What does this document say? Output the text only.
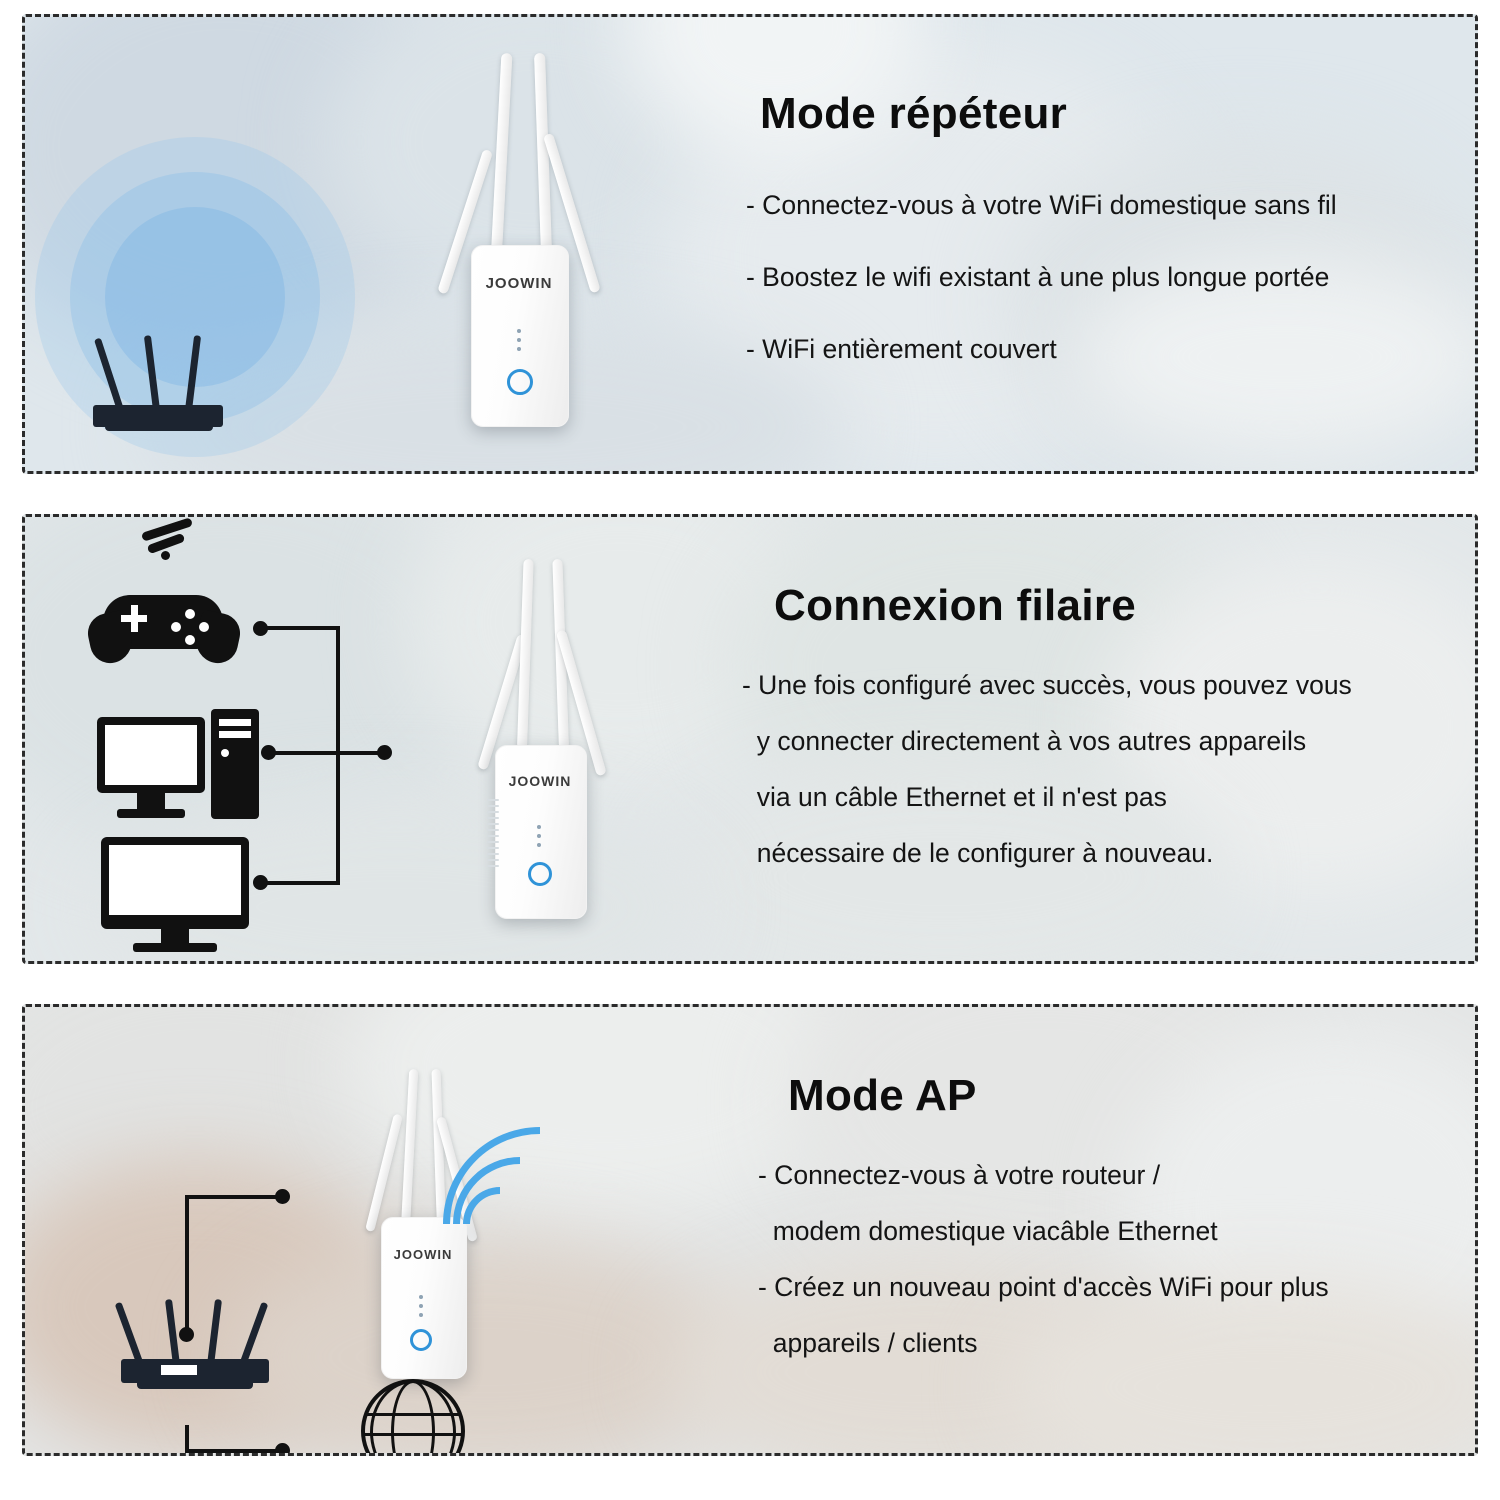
JOOWIN
Mode répéteur
- Connectez-vous à votre WiFi domestique sans fil
- Boostez le wifi existant à une plus longue portée
- WiFi entièrement couvert
JOOWIN
Connexion filaire
- Une fois configuré avec succès, vous pouvez vous
y connecter directement à vos autres appareils
via un câble Ethernet et il n'est pas
nécessaire de le configurer à nouveau.
JOOWIN
Mode AP
- Connectez-vous à votre routeur /
modem domestique viacâble Ethernet
- Créez un nouveau point d'accès WiFi pour plus
appareils / clients
